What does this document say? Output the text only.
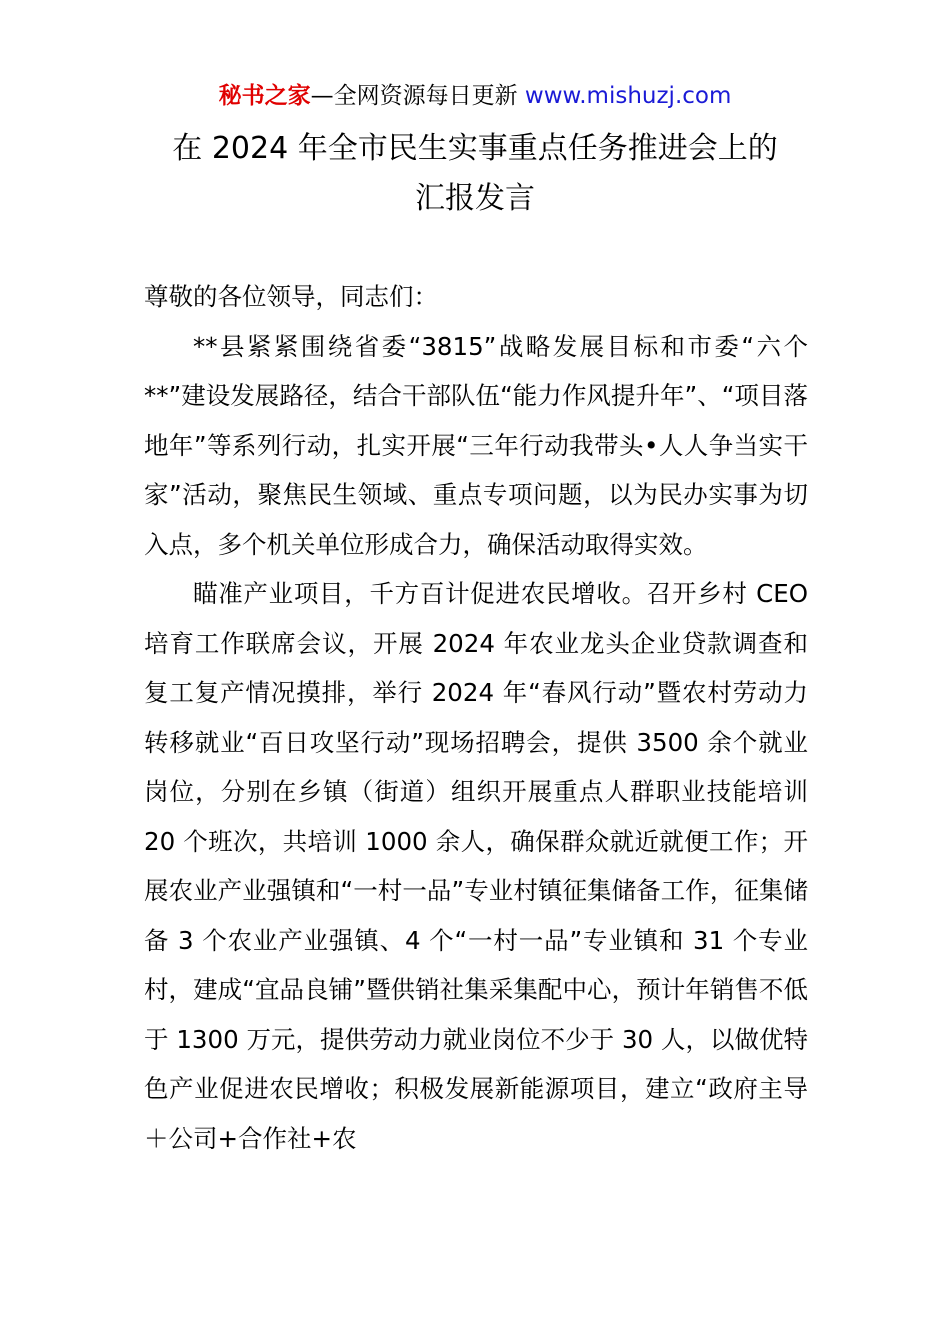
秘书之家—全网资源每日更新 www.mishuzj.com
在 2024 年全市民生实事重点任务推进会上的
汇报发言

尊敬的各位领导，同志们：

**县紧紧围绕省委“3815”战略发展目标和市委“六个**”建设发展路径，结合干部队伍“能力作风提升年”、“项目落地年”等系列行动，扎实开展“三年行动我带头•人人争当实干家”活动，聚焦民生领域、重点专项问题，以为民办实事为切入点，多个机关单位形成合力，确保活动取得实效。

瞄准产业项目，千方百计促进农民增收。召开乡村 CEO 培育工作联席会议，开展 2024 年农业龙头企业贷款调查和复工复产情况摸排，举行 2024 年“春风行动”暨农村劳动力转移就业“百日攻坚行动”现场招聘会，提供 3500 余个就业岗位，分别在乡镇（街道）组织开展重点人群职业技能培训 20 个班次，共培训 1000 余人，确保群众就近就便工作；开展农业产业强镇和“一村一品”专业村镇征集储备工作，征集储备 3 个农业产业强镇、4 个“一村一品”专业镇和 31 个专业村，建成“宜品良铺”暨供销社集采集配中心，预计年销售不低于 1300 万元，提供劳动力就业岗位不少于 30 人，以做优特色产业促进农民增收；积极发展新能源项目，建立“政府主导＋公司+合作社+农
